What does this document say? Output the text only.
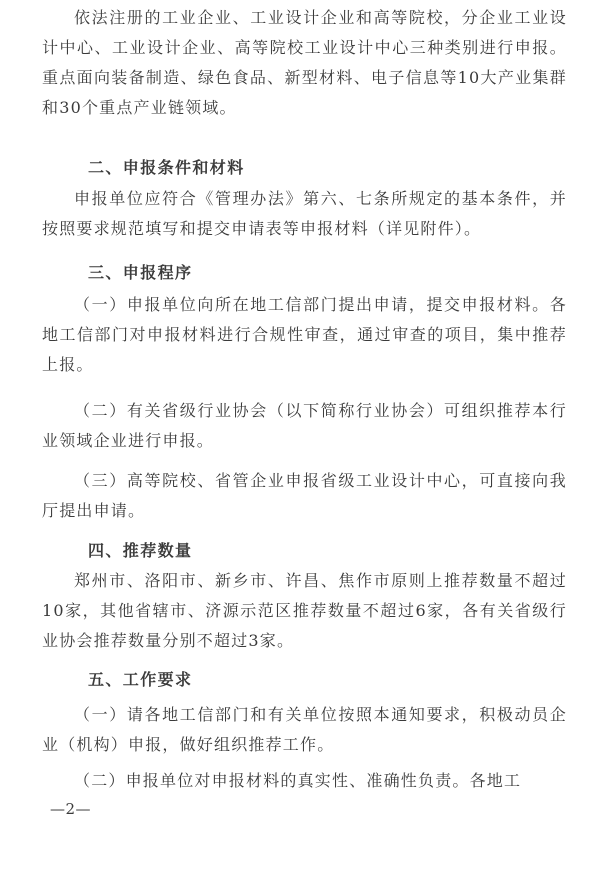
依法注册的工业企业、工业设计企业和高等院校，分企业工业设计中心、工业设计企业、高等院校工业设计中心三种类别进行申报。重点面向装备制造、绿色食品、新型材料、电子信息等10大产业集群和30个重点产业链领域。

二、申报条件和材料

申报单位应符合《管理办法》第六、七条所规定的基本条件，并按照要求规范填写和提交申请表等申报材料（详见附件）。

三、申报程序

（一）申报单位向所在地工信部门提出申请，提交申报材料。各地工信部门对申报材料进行合规性审查，通过审查的项目，集中推荐上报。

（二）有关省级行业协会（以下简称行业协会）可组织推荐本行业领域企业进行申报。

（三）高等院校、省管企业申报省级工业设计中心，可直接向我厅提出申请。

四、推荐数量

郑州市、洛阳市、新乡市、许昌、焦作市原则上推荐数量不超过10家，其他省辖市、济源示范区推荐数量不超过6家，各有关省级行业协会推荐数量分别不超过3家。

五、工作要求

（一）请各地工信部门和有关单位按照本通知要求，积极动员企业（机构）申报，做好组织推荐工作。

（二）申报单位对申报材料的真实性、准确性负责。各地工

—2—
